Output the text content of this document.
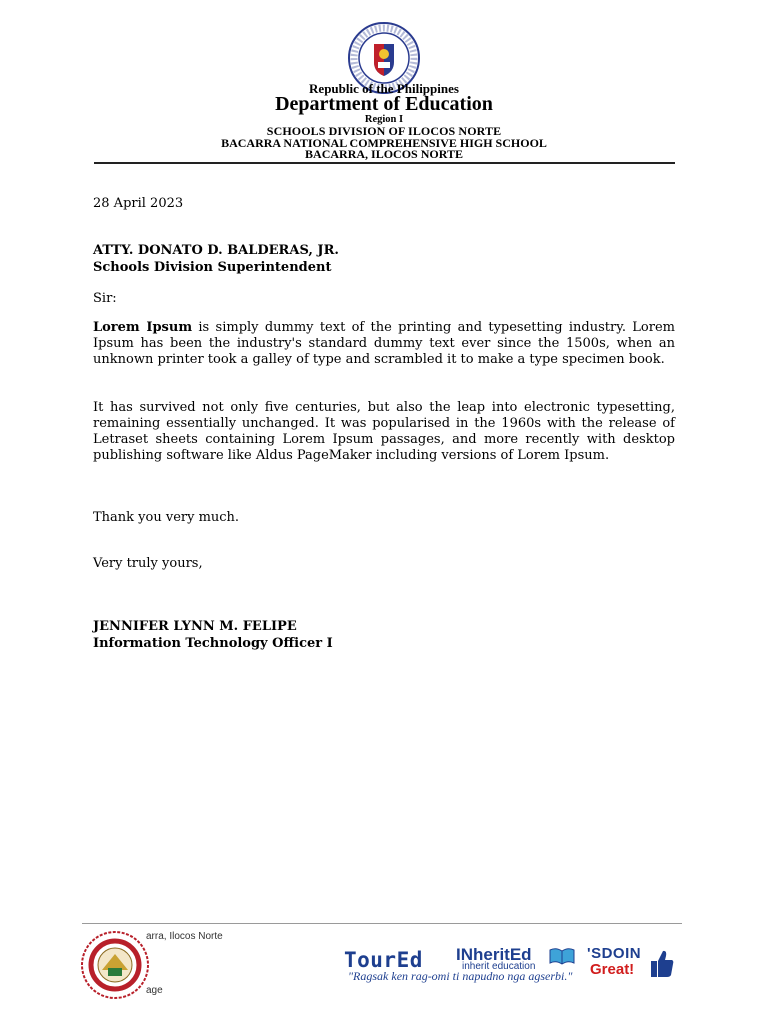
Republic of the Philippines
Department of Education
Region I
SCHOOLS DIVISION OF ILOCOS NORTE
BACARRA NATIONAL COMPREHENSIVE HIGH SCHOOL
BACARRA, ILOCOS NORTE
28 April 2023
ATTY. DONATO D. BALDERAS, JR.
Schools Division Superintendent
Sir:
Lorem Ipsum is simply dummy text of the printing and typesetting industry. Lorem Ipsum has been the industry's standard dummy text ever since the 1500s, when an unknown printer took a galley of type and scrambled it to make a type specimen book.
It has survived not only five centuries, but also the leap into electronic typesetting, remaining essentially unchanged. It was popularised in the 1960s with the release of Letraset sheets containing Lorem Ipsum passages, and more recently with desktop publishing software like Aldus PageMaker including versions of Lorem Ipsum.
Thank you very much.
Very truly yours,
JENNIFER LYNN M. FELIPE
Information Technology Officer I
arra, Ilocos Norte
age
TourEd INheritEd
inherit education
"Ragsak ken rag-omi ti napudno nga agserbi."
'SDOIN
Great!
